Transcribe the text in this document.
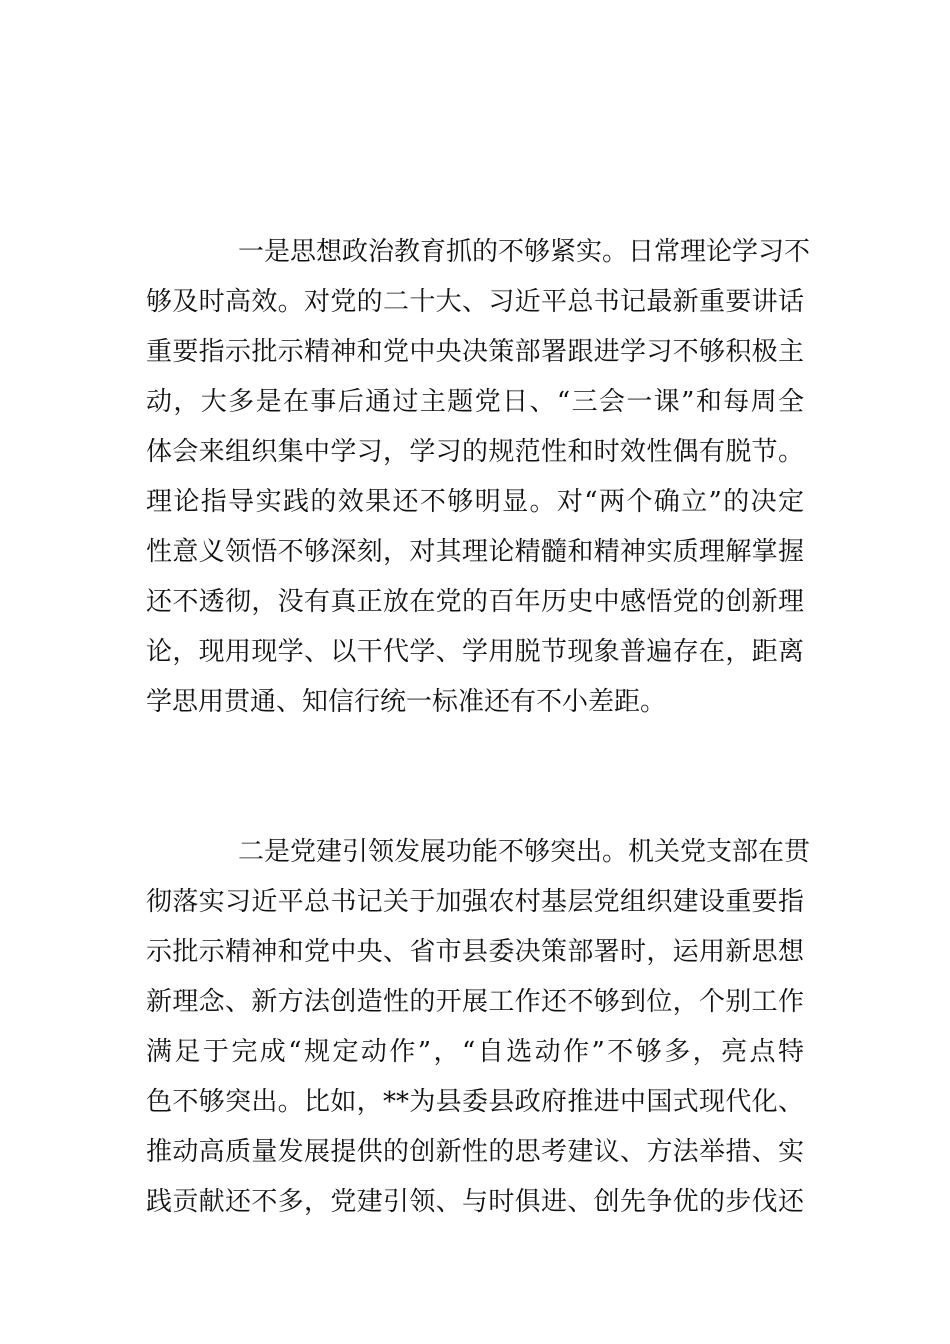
一是思想政治教育抓的不够紧实。日常理论学习不
够及时高效。对党的二十大、习近平总书记最新重要讲话
重要指示批示精神和党中央决策部署跟进学习不够积极主
动，大多是在事后通过主题党日、“三会一课”和每周全
体会来组织集中学习，学习的规范性和时效性偶有脱节。
理论指导实践的效果还不够明显。对“两个确立”的决定
性意义领悟不够深刻，对其理论精髓和精神实质理解掌握
还不透彻，没有真正放在党的百年历史中感悟党的创新理
论，现用现学、以干代学、学用脱节现象普遍存在，距离
学思用贯通、知信行统一标准还有不小差距。
二是党建引领发展功能不够突出。机关党支部在贯
彻落实习近平总书记关于加强农村基层党组织建设重要指
示批示精神和党中央、省市县委决策部署时，运用新思想
新理念、新方法创造性的开展工作还不够到位，个别工作
满足于完成“规定动作”，“自选动作”不够多，亮点特
色不够突出。比如，**为县委县政府推进中国式现代化、
推动高质量发展提供的创新性的思考建议、方法举措、实
践贡献还不多，党建引领、与时俱进、创先争优的步伐还
